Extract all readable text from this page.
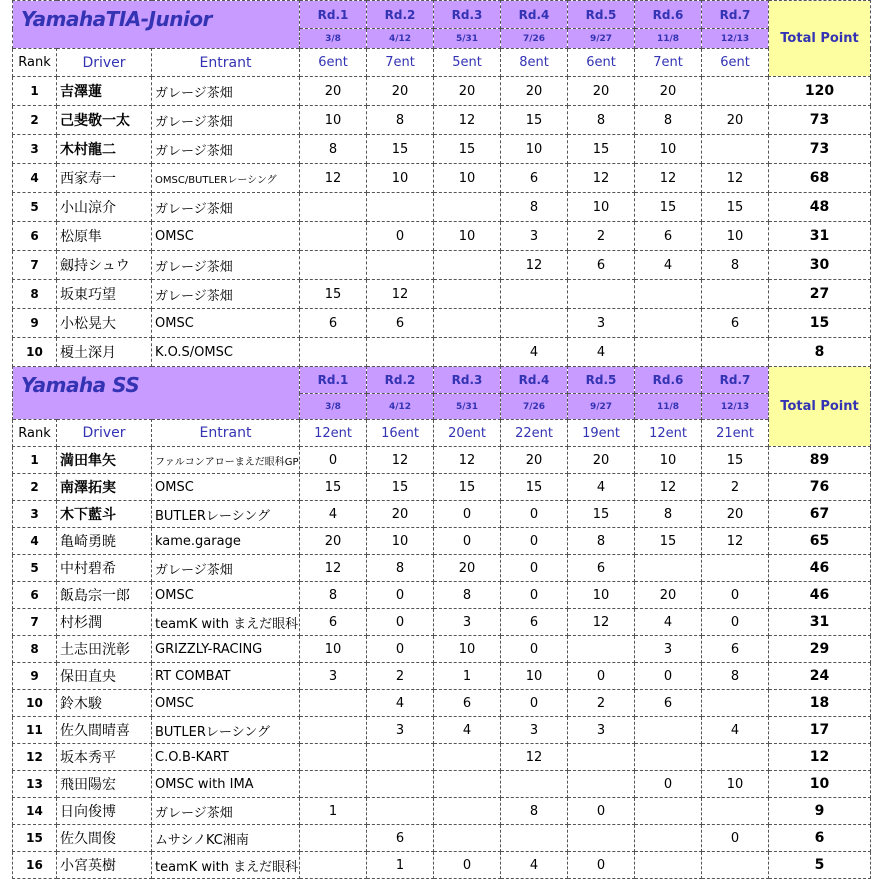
YamahaTIA-Junior			Rd.1	Rd.2	Rd.3	Rd.4	Rd.5	Rd.6	Rd.7	Total Point
			3/8	4/12	5/31	7/26	9/27	11/8	12/13	
Rank	Driver	Entrant	6ent	7ent	5ent	8ent	6ent	7ent	6ent	
1	吉澤蓮	ガレージ茶畑	20	20	20	20	20	20		120
2	己斐敬一太	ガレージ茶畑	10	8	12	15	8	8	20	73
3	木村龍二	ガレージ茶畑	8	15	15	10	15	10		73
4	西家寿一	OMSC/BUTLERレーシング	12	10	10	6	12	12	12	68
5	小山涼介	ガレージ茶畑				8	10	15	15	48
6	松原隼	OMSC		0	10	3	2	6	10	31
7	劔持シュウ	ガレージ茶畑				12	6	4	8	30
8	坂東巧望	ガレージ茶畑	15	12						27
9	小松晃大	OMSC	6	6			3		6	15
10	榎土深月	K.O.S/OMSC				4	4			8
Yamaha SS			Rd.1	Rd.2	Rd.3	Rd.4	Rd.5	Rd.6	Rd.7	Total Point
			3/8	4/12	5/31	7/26	9/27	11/8	12/13	
Rank	Driver	Entrant	12ent	16ent	20ent	22ent	19ent	12ent	21ent	
1	満田隼矢	ファルコンアローまえだ眼科GP	0	12	12	20	20	10	15	89
2	南澤拓実	OMSC	15	15	15	15	4	12	2	76
3	木下藍斗	BUTLERレーシング	4	20	0	0	15	8	20	67
4	亀崎勇暁	kame.garage	20	10	0	0	8	15	12	65
5	中村碧希	ガレージ茶畑	12	8	20	0	6			46
6	飯島宗一郎	OMSC	8	0	8	0	10	20	0	46
7	村杉潤	teamK with まえだ眼科	6	0	3	6	12	4	0	31
8	土志田洸彰	GRIZZLY-RACING	10	0	10	0		3	6	29
9	保田直央	RT COMBAT	3	2	1	10	0	0	8	24
10	鈴木駿	OMSC		4	6	0	2	6		18
11	佐久間晴喜	BUTLERレーシング		3	4	3	3		4	17
12	坂本秀平	C.O.B-KART				12				12
13	飛田陽宏	OMSC with IMA						0	10	10
14	日向俊博	ガレージ茶畑	1			8	0			9
15	佐久間俊	ムサシノKC湘南		6					0	6
16	小宮英樹	teamK with まえだ眼科		1	0	4	0			5
